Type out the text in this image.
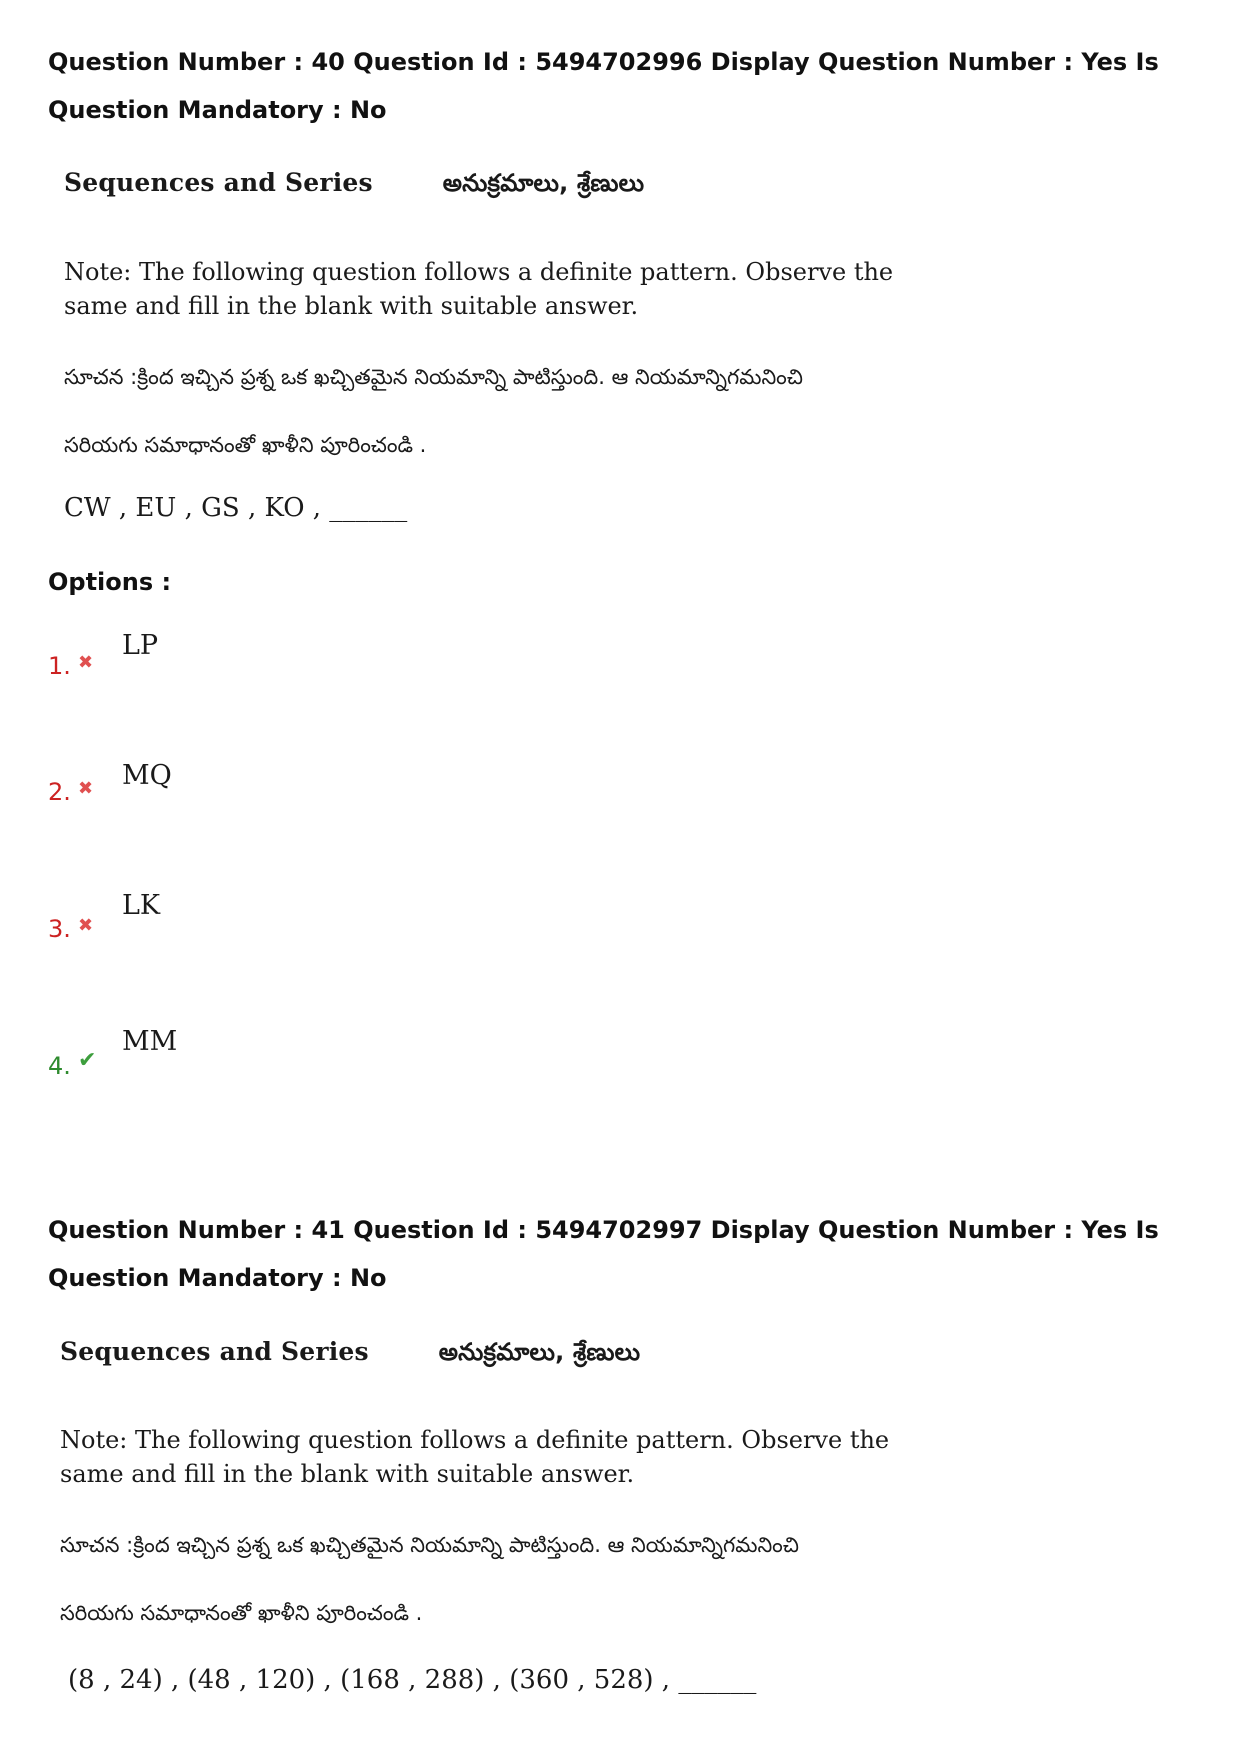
Question Number : 40 Question Id : 5494702996 Display Question Number : Yes Is Question Mandatory : No
Sequences and Series	అనుక్రమాలు, శ్రేణులు
Note: The following question follows a definite pattern. Observe the same and fill in the blank with suitable answer.
సూచన :క్రింద ఇచ్చిన ప్రశ్న ఒక ఖచ్చితమైన నియమాన్ని పాటిస్తుంది. ఆ నియమాన్నిగమనించి
సరియగు సమాధానంతో ఖాళీని పూరించండి .
CW , EU , GS , KO , ______
Options :
LP
1. ✖
MQ
2. ✖
LK
3. ✖
MM
4. ✔
Question Number : 41 Question Id : 5494702997 Display Question Number : Yes Is Question Mandatory : No
Sequences and Series	అనుక్రమాలు, శ్రేణులు
Note: The following question follows a definite pattern. Observe the same and fill in the blank with suitable answer.
సూచన :క్రింద ఇచ్చిన ప్రశ్న ఒక ఖచ్చితమైన నియమాన్ని పాటిస్తుంది. ఆ నియమాన్నిగమనించి
సరియగు సమాధానంతో ఖాళీని పూరించండి .
(8 , 24) , (48 , 120) , (168 , 288) , (360 , 528) , ______
